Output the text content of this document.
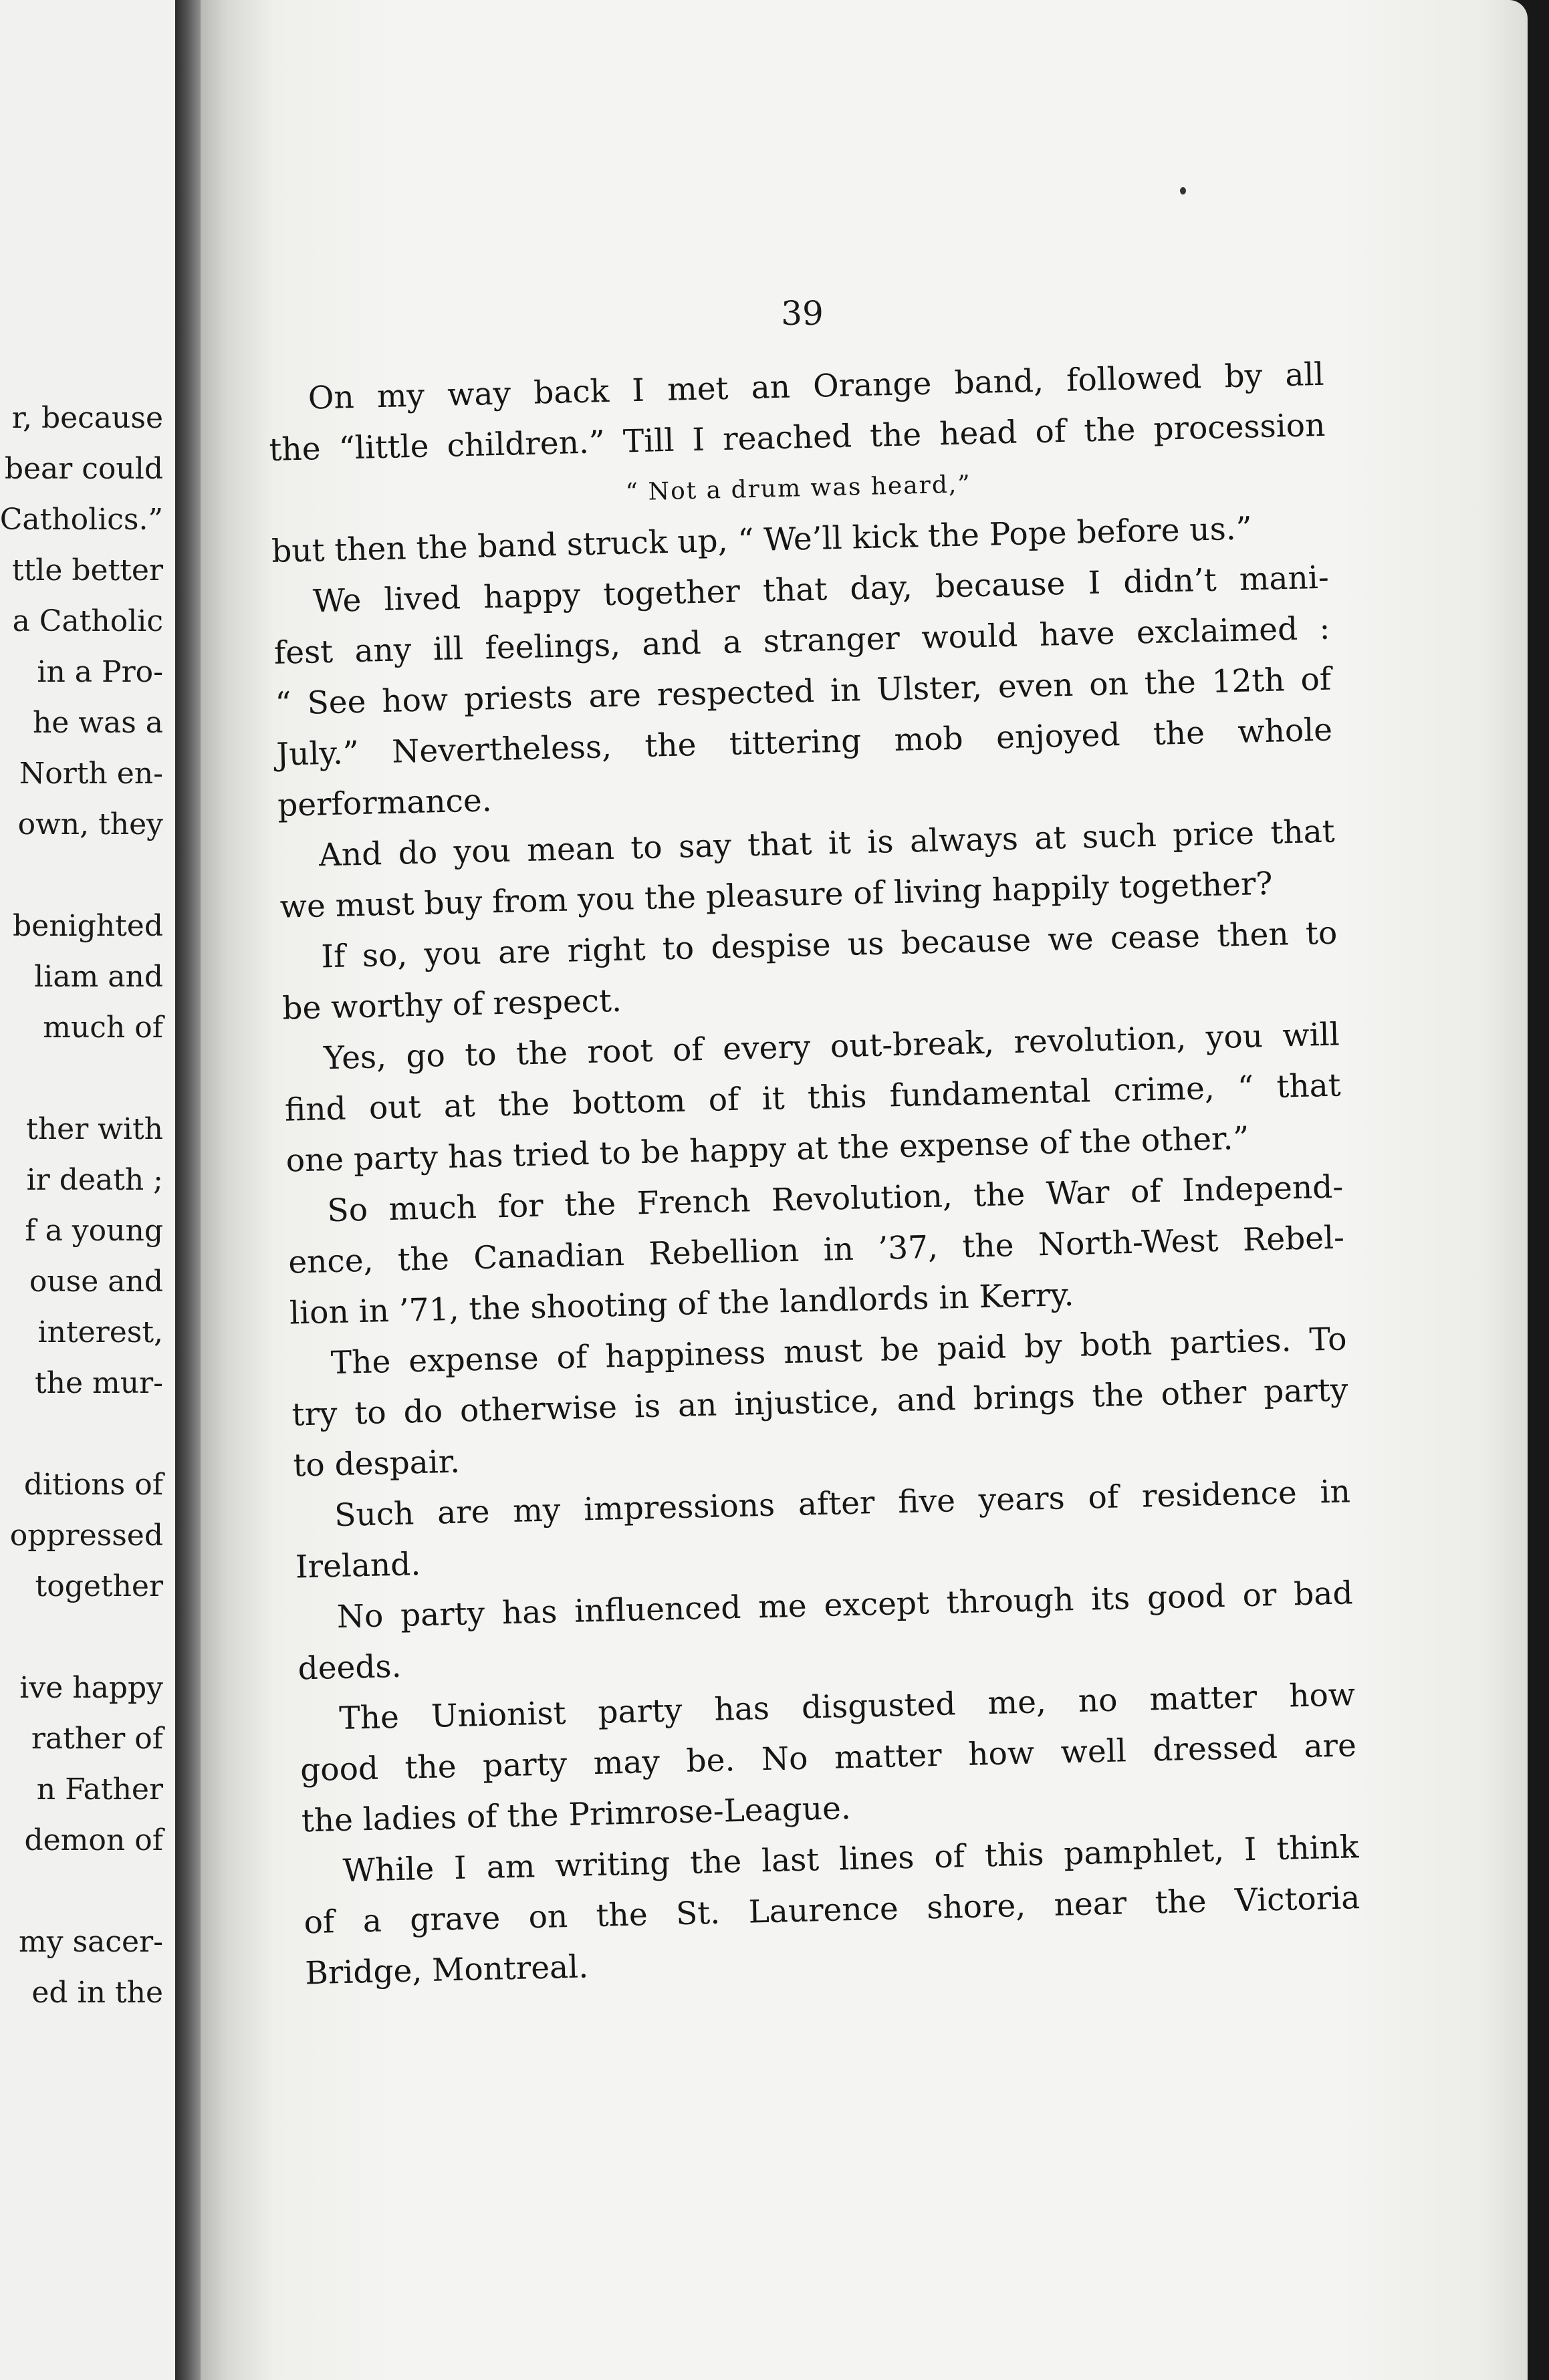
r, because
bear could
Catholics.”
ttle better
a Catholic
in a Pro-
he was a
North en-
own, they
benighted
liam and
much of
ther with
ir death ;
f a young
ouse and
interest,
the mur-
ditions of
oppressed
together
ive happy
rather of
n Father
demon of
my sacer-
ed in the
39
On my way back I met an Orange band, followed by all
the “little children.” Till I reached the head of the procession
“ Not a drum was heard,”
but then the band struck up, “ We’ll kick the Pope before us.”
We lived happy together that day, because I didn’t mani-
fest any ill feelings, and a stranger would have exclaimed :
“ See how priests are respected in Ulster, even on the 12th of
July.” Nevertheless, the tittering mob enjoyed the whole
performance.
And do you mean to say that it is always at such price that
we must buy from you the pleasure of living happily together?
If so, you are right to despise us because we cease then to
be worthy of respect.
Yes, go to the root of every out-break, revolution, you will
find out at the bottom of it this fundamental crime, “ that
one party has tried to be happy at the expense of the other.”
So much for the French Revolution, the War of Independ-
ence, the Canadian Rebellion in ’37, the North-West Rebel-
lion in ’71, the shooting of the landlords in Kerry.
The expense of happiness must be paid by both parties. To
try to do otherwise is an injustice, and brings the other party
to despair.
Such are my impressions after five years of residence in
Ireland.
No party has influenced me except through its good or bad
deeds.
The Unionist party has disgusted me, no matter how
good the party may be. No matter how well dressed are
the ladies of the Primrose-League.
While I am writing the last lines of this pamphlet, I think
of a grave on the St. Laurence shore, near the Victoria
Bridge, Montreal.
